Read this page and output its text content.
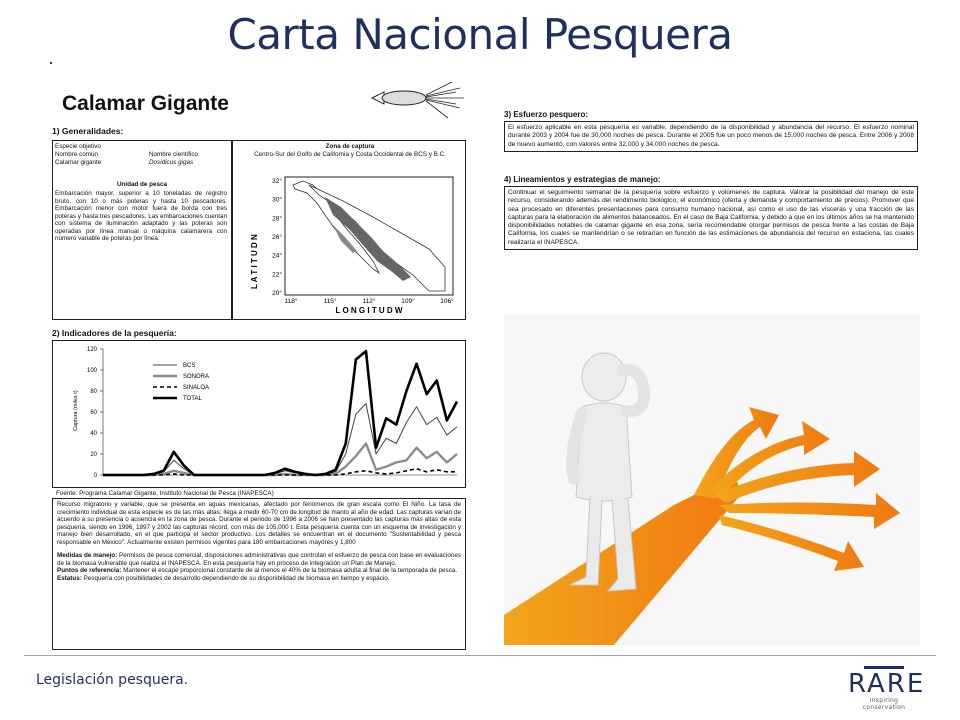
Carta Nacional Pesquera
Calamar Gigante
1) Generalidades:
Especie objetivo
Nombre común	Nombre científico
Calamar gigante	Dosidicus gigas
Unidad de pesca
Embarcación mayor, superior a 10 toneladas de registro bruto, con 10 o más poteras y hasta 10 pescadores. Embarcación menor con motor fuera de borda con tres poteras y hasta tres pescadores. Las embarcaciones cuentan con sistema de iluminación adaptado y las poteras son operadas por línea manual o máquina calamarera con número variable de poteras por línea.
Zona de captura
Centro-Sur del Golfo de California y Costa Occidental de BCS y B.C.
L A T I T U D N
32°
30°
28°
26°
24°
22°
20°
118°	115°	112°	109°	106°
L O N G I T U D W
2) Indicadores de la pesquería:
0
20
40
60
80
100
120
Captura (miles t)
BCS
SONORA
SINALOA
TOTAL
Fuente: Programa Calamar Gigante, Instituto Nacional de Pesca (INAPESCA)
Recurso migratorio y variable, que se presenta en aguas mexicanas, afectado por fenómenos de gran escala como El Niño. La tasa de crecimiento individual de esta especie es de las más altas; llega a medir 60-70 cm de longitud de manto al año de edad. Las capturas varían de acuerdo a su presencia o ausencia en la zona de pesca. Durante el periodo de 1996 a 2006 se han presentado las capturas más altas de esta pesquería, siendo en 1996, 1997 y 2002 las capturas récord, con más de 105,000 t. Esta pesquería cuenta con un esquema de investigación y manejo bien desarrollado, en el que participa el sector productivo. Los detalles se encuentran en el documento "Sustentabilidad y pesca responsable en México". Actualmente existen permisos vigentes para 180 embarcaciones mayores y 1,800
Medidas de manejo: Permisos de pesca comercial, disposiciones administrativas que controlan el esfuerzo de pesca con base en evaluaciones de la biomasa vulnerable que realiza el INAPESCA. En esta pesquería hay en proceso de integración un Plan de Manejo.
Puntos de referencia: Mantener el escape proporcional constante de al menos el 40% de la biomasa adulta al final de la temporada de pesca.
Estatus: Pesquería con posibilidades de desarrollo dependiendo de su disponibilidad de biomasa en tiempo y espacio.
3) Esfuerzo pesquero:
El esfuerzo aplicable en esta pesquería es variable, dependiendo de la disponibilidad y abundancia del recurso. El esfuerzo nominal durante 2003 y 2004 fue de 30,000 noches de pesca. Durante el 2005 fue un poco menos de 15,000 noches de pesca. Entre 2006 y 2008 de nuevo aumentó, con valores entre 32,000 y 34,000 noches de pesca.
4) Lineamientos y estrategias de manejo:
Continuar el seguimiento semanal de la pesquería sobre esfuerzo y volúmenes de captura. Valorar la posibilidad del manejo de este recurso, considerando además del rendimiento biológico, el económico (oferta y demanda y comportamiento de precios). Promover que sea procesado en diferentes presentaciones para consumo humano nacional, así como el uso de las vísceras y una fracción de las capturas para la elaboración de alimentos balanceados. En el caso de Baja California, y debido a que en los últimos años se ha mantenido disponibilidades notables de calamar gigante en esa zona, sería recomendable otorgar permisos de pesca frente a las costas de Baja California, los cuales se mantendrían o se retirarían en función de las estimaciones de abundancia del recurso en estaciona, las cuales realizaría el INAPESCA.
Legislación pesquera.	RARE
inspiring conservation
